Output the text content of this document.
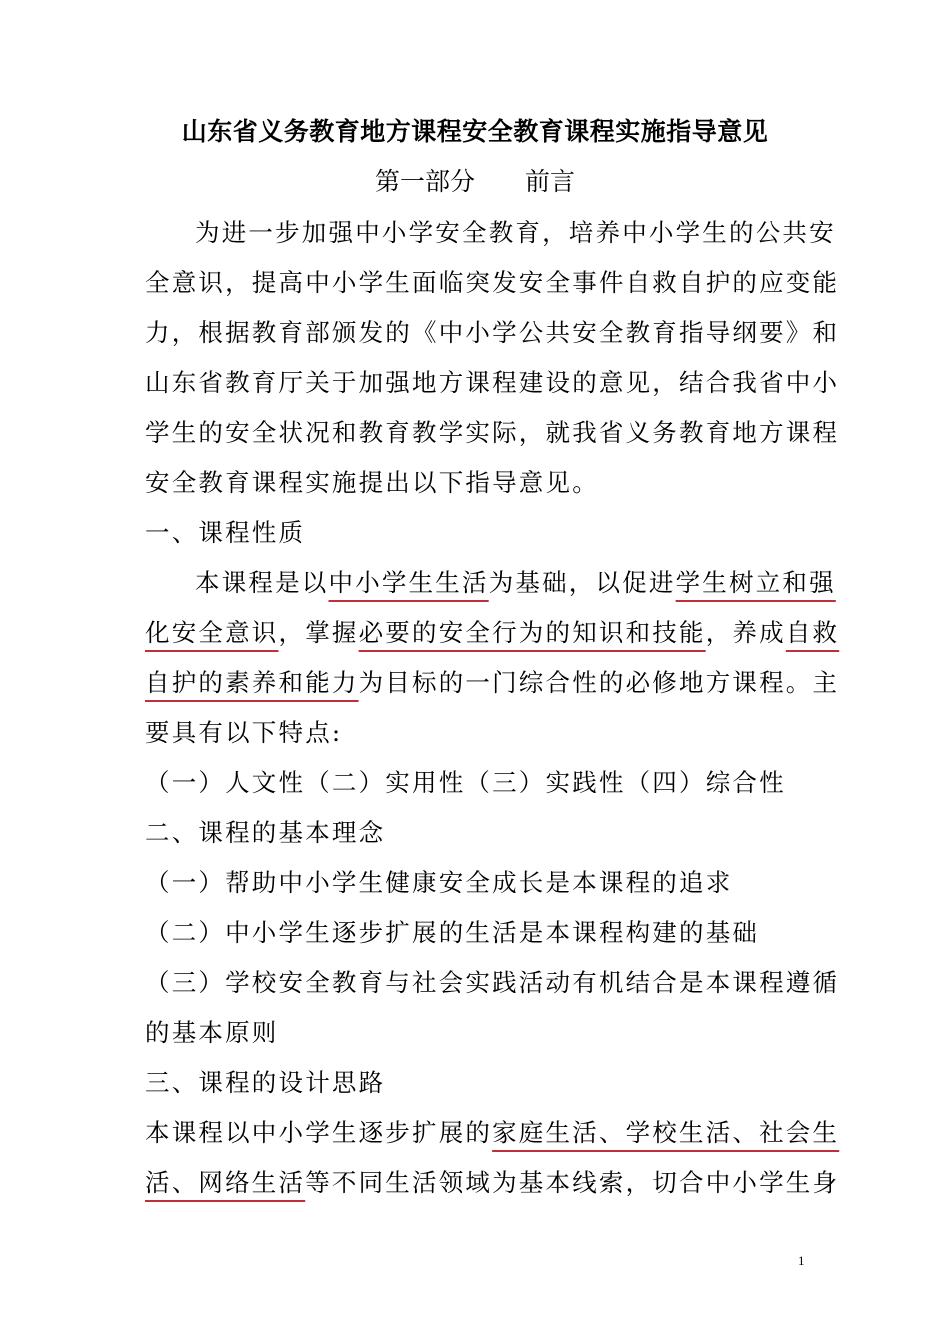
山东省义务教育地方课程安全教育课程实施指导意见
第一部分　　前言
为进一步加强中小学安全教育，培养中小学生的公共安
全意识，提高中小学生面临突发安全事件自救自护的应变能
力，根据教育部颁发的《中小学公共安全教育指导纲要》和
山东省教育厅关于加强地方课程建设的意见，结合我省中小
学生的安全状况和教育教学实际，就我省义务教育地方课程
安全教育课程实施提出以下指导意见。
一、课程性质
本课程是以中小学生生活为基础，以促进学生树立和强
化安全意识，掌握必要的安全行为的知识和技能，养成自救
自护的素养和能力为目标的一门综合性的必修地方课程。主
要具有以下特点:
（一）人文性（二）实用性（三）实践性（四）综合性
二、课程的基本理念
（一）帮助中小学生健康安全成长是本课程的追求
（二）中小学生逐步扩展的生活是本课程构建的基础
（三）学校安全教育与社会实践活动有机结合是本课程遵循
的基本原则
三、课程的设计思路
本课程以中小学生逐步扩展的家庭生活、学校生活、社会生
活、网络生活等不同生活领域为基本线索，切合中小学生身
1
